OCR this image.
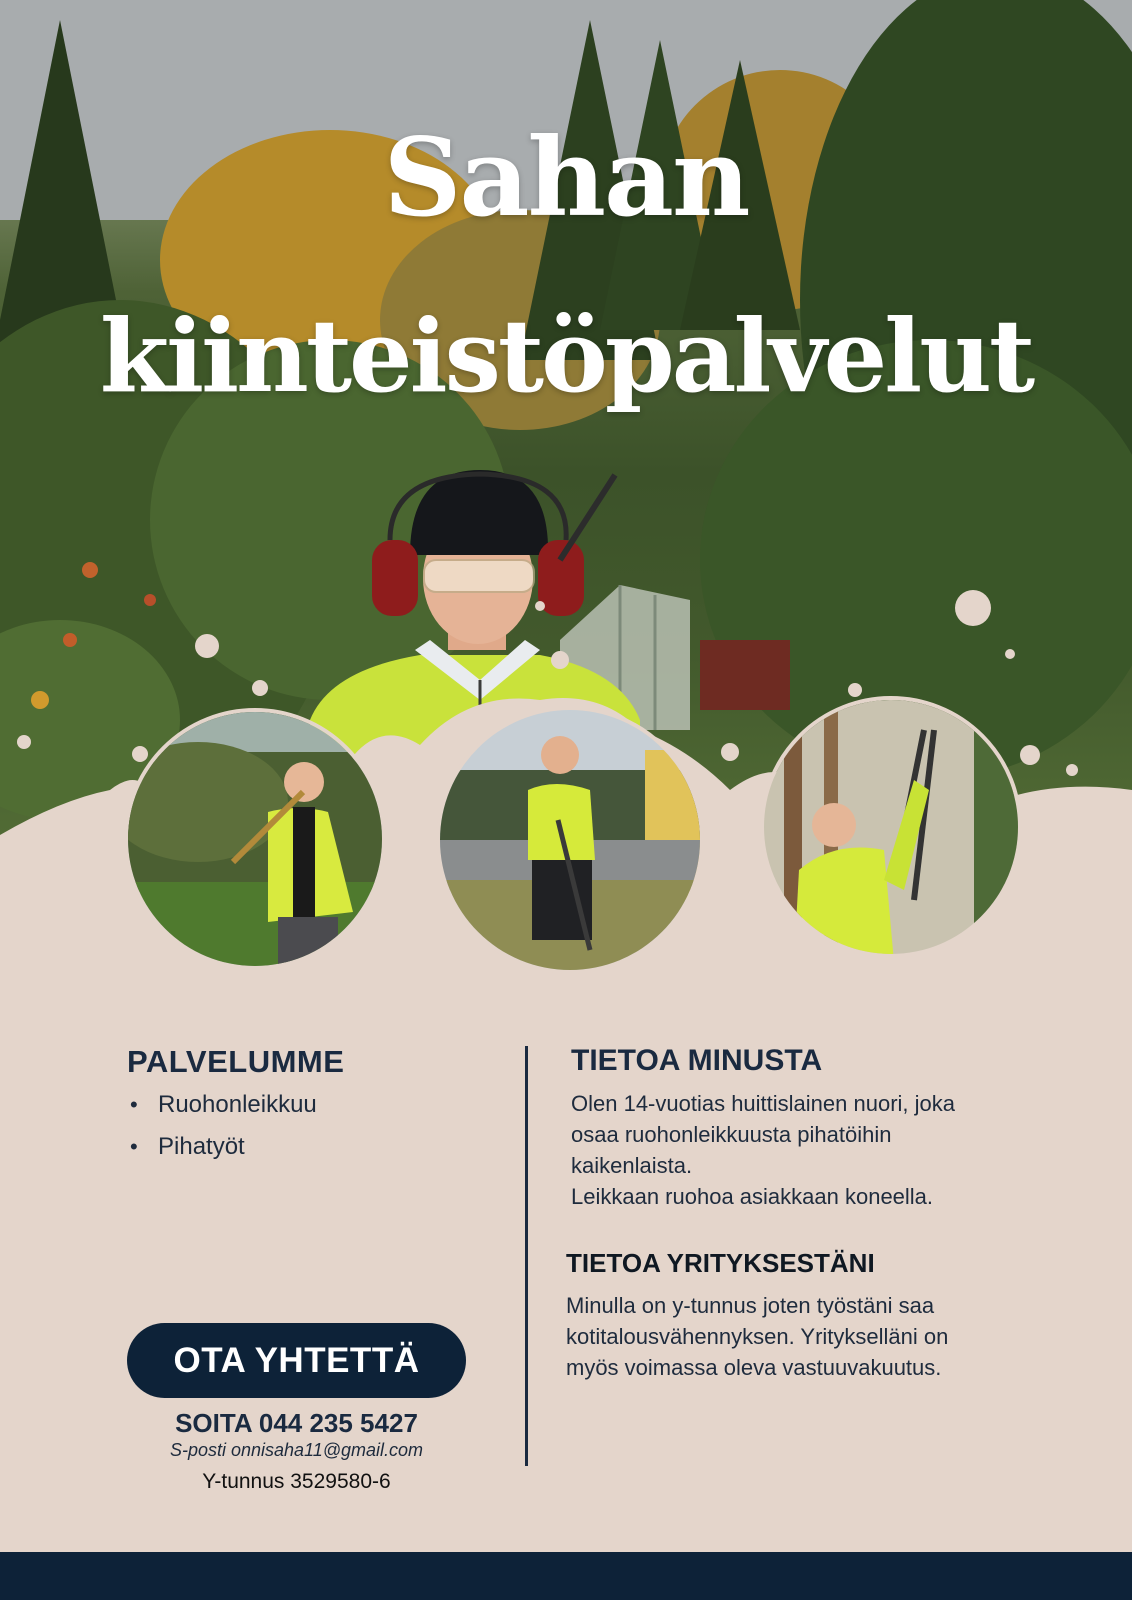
Sahan
kiinteistöpalvelut
PALVELUMME
• Ruohonleikkuu
• Pihatyöt
TIETOA MINUSTA

Olen 14-vuotias huittislainen nuori, joka
osaa ruohonleikkuusta pihatöihin
kaikenlaista.
Leikkaan ruohoa asiakkaan koneella.

TIETOA YRITYKSESTÄNI

Minulla on y-tunnus joten työstäni saa
kotitalousvähennyksen. Yritykselläni on
myös voimassa oleva vastuuvakuutus.

OTA YHTETTÄ

SOITA 044 235 5427

S-posti onnisaha11@gmail.com

Y-tunnus 3529580-6
